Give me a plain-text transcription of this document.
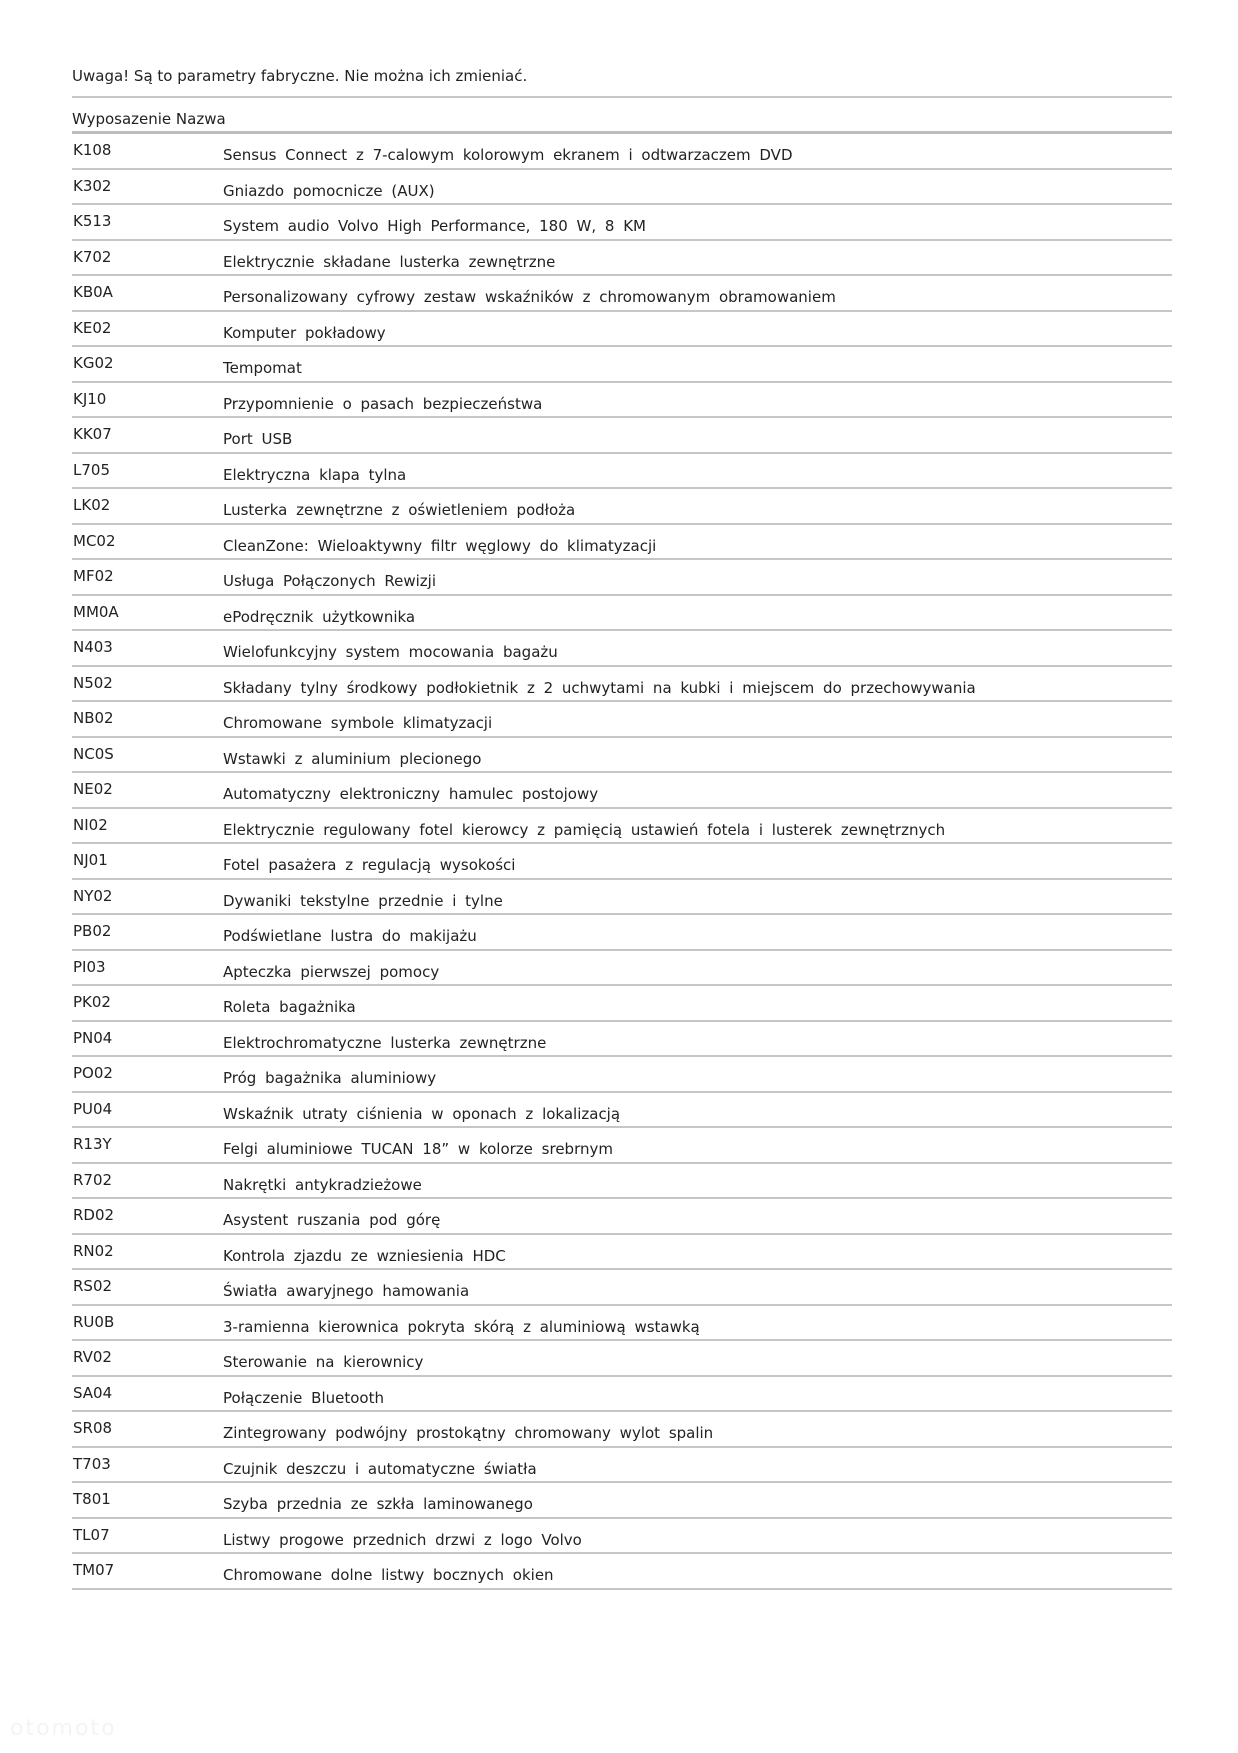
Uwaga! Są to parametry fabryczne. Nie można ich zmieniać.
Wyposazenie Nazwa
K108	Sensus Connect z 7-calowym kolorowym ekranem i odtwarzaczem DVD
K302	Gniazdo pomocnicze (AUX)
K513	System audio Volvo High Performance, 180 W, 8 KM
K702	Elektrycznie składane lusterka zewnętrzne
KB0A	Personalizowany cyfrowy zestaw wskaźników z chromowanym obramowaniem
KE02	Komputer pokładowy
KG02	Tempomat
KJ10	Przypomnienie o pasach bezpieczeństwa
KK07	Port USB
L705	Elektryczna klapa tylna
LK02	Lusterka zewnętrzne z oświetleniem podłoża
MC02	CleanZone: Wieloaktywny filtr węglowy do klimatyzacji
MF02	Usługa Połączonych Rewizji
MM0A	ePodręcznik użytkownika
N403	Wielofunkcyjny system mocowania bagażu
N502	Składany tylny środkowy podłokietnik z 2 uchwytami na kubki i miejscem do przechowywania
NB02	Chromowane symbole klimatyzacji
NC0S	Wstawki z aluminium plecionego
NE02	Automatyczny elektroniczny hamulec postojowy
NI02	Elektrycznie regulowany fotel kierowcy z pamięcią ustawień fotela i lusterek zewnętrznych
NJ01	Fotel pasażera z regulacją wysokości
NY02	Dywaniki tekstylne przednie i tylne
PB02	Podświetlane lustra do makijażu
PI03	Apteczka pierwszej pomocy
PK02	Roleta bagażnika
PN04	Elektrochromatyczne lusterka zewnętrzne
PO02	Próg bagażnika aluminiowy
PU04	Wskaźnik utraty ciśnienia w oponach z lokalizacją
R13Y	Felgi aluminiowe TUCAN 18” w kolorze srebrnym
R702	Nakrętki antykradzieżowe
RD02	Asystent ruszania pod górę
RN02	Kontrola zjazdu ze wzniesienia HDC
RS02	Światła awaryjnego hamowania
RU0B	3-ramienna kierownica pokryta skórą z aluminiową wstawką
RV02	Sterowanie na kierownicy
SA04	Połączenie Bluetooth
SR08	Zintegrowany podwójny prostokątny chromowany wylot spalin
T703	Czujnik deszczu i automatyczne światła
T801	Szyba przednia ze szkła laminowanego
TL07	Listwy progowe przednich drzwi z logo Volvo
TM07	Chromowane dolne listwy bocznych okien
otomoto
